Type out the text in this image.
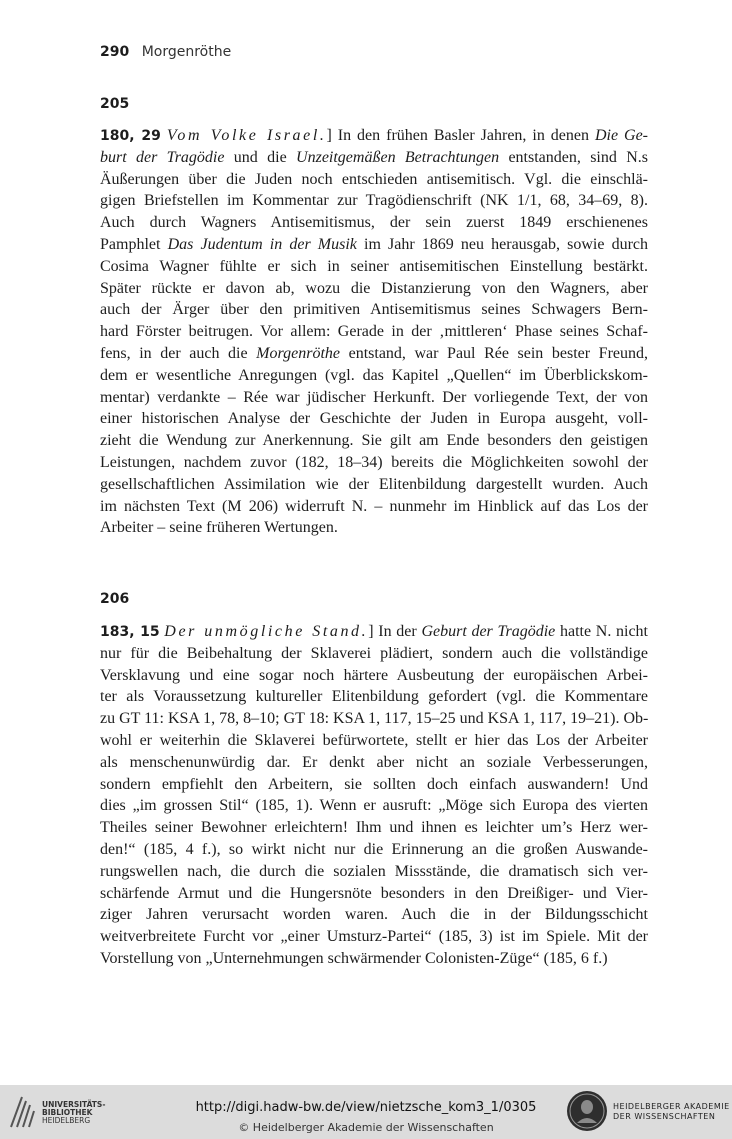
290 Morgenröthe
205
180, 29 Vom Volke Israel.] In den frühen Basler Jahren, in denen Die Ge-
burt der Tragödie und die Unzeitgemäßen Betrachtungen entstanden, sind N.s
Äußerungen über die Juden noch entschieden antisemitisch. Vgl. die einschlä-
gigen Briefstellen im Kommentar zur Tragödienschrift (NK 1/1, 68, 34–69, 8).
Auch durch Wagners Antisemitismus, der sein zuerst 1849 erschienenes
Pamphlet Das Judentum in der Musik im Jahr 1869 neu herausgab, sowie durch
Cosima Wagner fühlte er sich in seiner antisemitischen Einstellung bestärkt.
Später rückte er davon ab, wozu die Distanzierung von den Wagners, aber
auch der Ärger über den primitiven Antisemitismus seines Schwagers Bern-
hard Förster beitrugen. Vor allem: Gerade in der ‚mittleren‘ Phase seines Schaf-
fens, in der auch die Morgenröthe entstand, war Paul Rée sein bester Freund,
dem er wesentliche Anregungen (vgl. das Kapitel „Quellen“ im Überblickskom-
mentar) verdankte – Rée war jüdischer Herkunft. Der vorliegende Text, der von
einer historischen Analyse der Geschichte der Juden in Europa ausgeht, voll-
zieht die Wendung zur Anerkennung. Sie gilt am Ende besonders den geistigen
Leistungen, nachdem zuvor (182, 18–34) bereits die Möglichkeiten sowohl der
gesellschaftlichen Assimilation wie der Elitenbildung dargestellt wurden. Auch
im nächsten Text (M 206) widerruft N. – nunmehr im Hinblick auf das Los der
Arbeiter – seine früheren Wertungen.
206
183, 15 Der unmögliche Stand.] In der Geburt der Tragödie hatte N. nicht
nur für die Beibehaltung der Sklaverei plädiert, sondern auch die vollständige
Versklavung und eine sogar noch härtere Ausbeutung der europäischen Arbei-
ter als Voraussetzung kultureller Elitenbildung gefordert (vgl. die Kommentare
zu GT 11: KSA 1, 78, 8–10; GT 18: KSA 1, 117, 15–25 und KSA 1, 117, 19–21). Ob-
wohl er weiterhin die Sklaverei befürwortete, stellt er hier das Los der Arbeiter
als menschenunwürdig dar. Er denkt aber nicht an soziale Verbesserungen,
sondern empfiehlt den Arbeitern, sie sollten doch einfach auswandern! Und
dies „im grossen Stil“ (185, 1). Wenn er ausruft: „Möge sich Europa des vierten
Theiles seiner Bewohner erleichtern! Ihm und ihnen es leichter um’s Herz wer-
den!“ (185, 4 f.), so wirkt nicht nur die Erinnerung an die großen Auswande-
rungswellen nach, die durch die sozialen Missstände, die dramatisch sich ver-
schärfende Armut und die Hungersnöte besonders in den Dreißiger- und Vier-
ziger Jahren verursacht worden waren. Auch die in der Bildungsschicht
weitverbreitete Furcht vor „einer Umsturz-Partei“ (185, 3) ist im Spiele. Mit der
Vorstellung von „Unternehmungen schwärmender Colonisten-Züge“ (185, 6 f.)
UNIVERSITÄTS-
BIBLIOTHEK
HEIDELBERG
http://digi.hadw-bw.de/view/nietzsche_kom3_1/0305
© Heidelberger Akademie der Wissenschaften
HEIDELBERGER AKADEMIE
DER WISSENSCHAFTEN
